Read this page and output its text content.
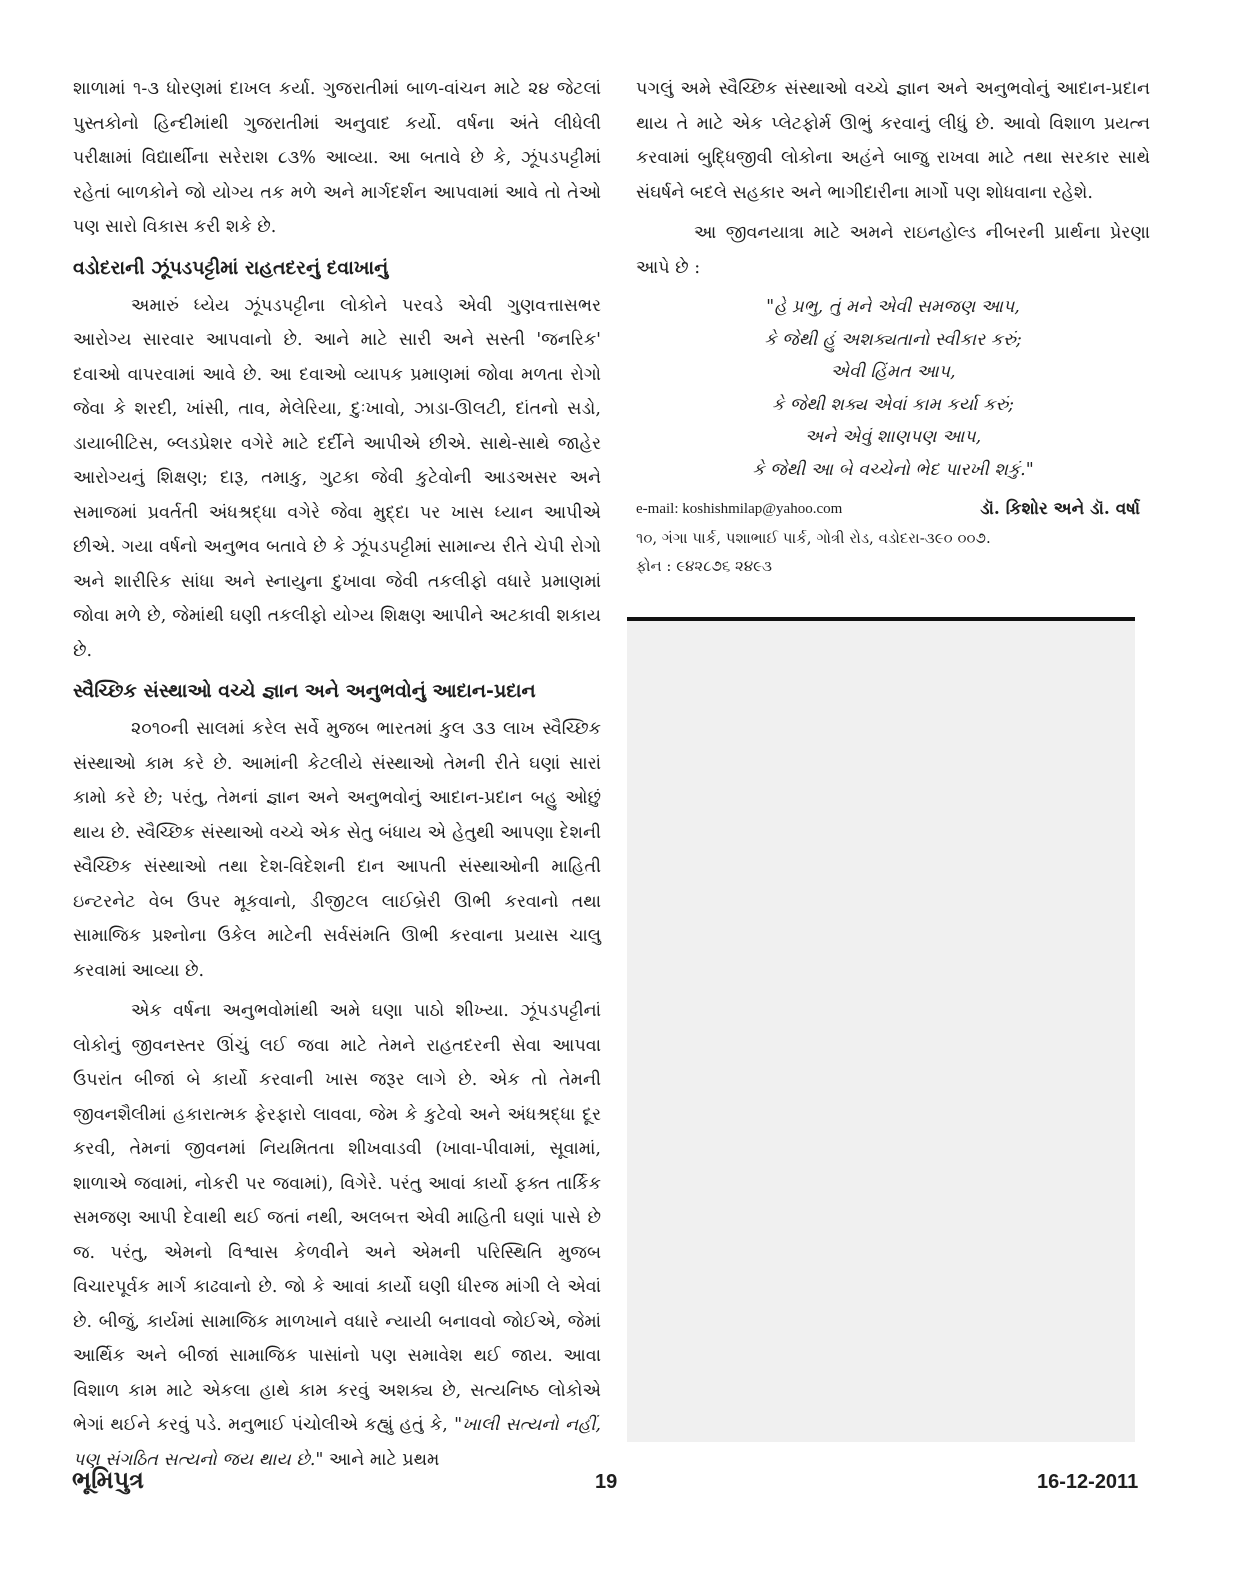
શાળામાં ૧-૩ ધોરણમાં દાખલ કર્યા. ગુજરાતીમાં બાળ-વાંચન માટે ૨૪ જેટલાં પુસ્તકોનો હિન્દીમાંથી ગુજરાતીમાં અનુવાદ કર્યો. વર્ષના અંતે લીધેલી પરીક્ષામાં વિદ્યાર્થીના સરેરાશ ૮૩% આવ્યા. આ બતાવે છે કે, ઝૂંપડપટ્ટીમાં રહેતાં બાળકોને જો યોગ્ય તક મળે અને માર્ગદર્શન આપવામાં આવે તો તેઓ પણ સારો વિકાસ કરી શકે છે.

વડોદરાની ઝૂંપડપટ્ટીમાં રાહતદરનું દવાખાનું

અમારું ધ્યેય ઝૂંપડપટ્ટીના લોકોને પરવડે એવી ગુણવત્તાસભર આરોગ્ય સારવાર આપવાનો છે. આને માટે સારી અને સસ્તી 'જનરિક' દવાઓ વાપરવામાં આવે છે. આ દવાઓ વ્યાપક પ્રમાણમાં જોવા મળતા રોગો જેવા કે શરદી, ખાંસી, તાવ, મેલેરિયા, દુઃખાવો, ઝાડા-ઊલટી, દાંતનો સડો, ડાયાબીટિસ, બ્લડપ્રેશર વગેરે માટે દર્દીને આપીએ છીએ. સાથે-સાથે જાહેર આરોગ્યનું શિક્ષણ; દારૂ, તમાકુ, ગુટકા જેવી કુટેવોની આડઅસર અને સમાજમાં પ્રવર્તતી અંધશ્રદ્ધા વગેરે જેવા મુદ્દા પર ખાસ ધ્યાન આપીએ છીએ. ગયા વર્ષનો અનુભવ બતાવે છે કે ઝૂંપડપટ્ટીમાં સામાન્ય રીતે ચેપી રોગો અને શારીરિક સાંધા અને સ્નાયુના દુખાવા જેવી તકલીફો વધારે પ્રમાણમાં જોવા મળે છે, જેમાંથી ઘણી તકલીફો યોગ્ય શિક્ષણ આપીને અટકાવી શકાય છે.

સ્વૈચ્છિક સંસ્થાઓ વચ્ચે જ્ઞાન અને અનુભવોનું આદાન-પ્રદાન

૨૦૧૦ની સાલમાં કરેલ સર્વે મુજબ ભારતમાં કુલ ૩૩ લાખ સ્વૈચ્છિક સંસ્થાઓ કામ કરે છે. આમાંની કેટલીયે સંસ્થાઓ તેમની રીતે ઘણાં સારાં કામો કરે છે; પરંતુ, તેમનાં જ્ઞાન અને અનુભવોનું આદાન-પ્રદાન બહુ ઓછું થાય છે. સ્વૈચ્છિક સંસ્થાઓ વચ્ચે એક સેતુ બંધાય એ હેતુથી આપણા દેશની સ્વૈચ્છિક સંસ્થાઓ તથા દેશ-વિદેશની દાન આપતી સંસ્થાઓની માહિતી ઇન્ટરનેટ વેબ ઉપર મૂકવાનો, ડીજીટલ લાઈબ્રેરી ઊભી કરવાનો તથા સામાજિક પ્રશ્નોના ઉકેલ માટેની સર્વસંમતિ ઊભી કરવાના પ્રયાસ ચાલુ કરવામાં આવ્યા છે.

એક વર્ષના અનુભવોમાંથી અમે ઘણા પાઠો શીખ્યા. ઝૂંપડપટ્ટીનાં લોકોનું જીવનસ્તર ઊંચું લઈ જવા માટે તેમને રાહતદરની સેવા આપવા ઉપરાંત બીજાં બે કાર્યો કરવાની ખાસ જરૂર લાગે છે. એક તો તેમની જીવનશૈલીમાં હકારાત્મક ફેરફારો લાવવા, જેમ કે કુટેવો અને અંધશ્રદ્ધા દૂર કરવી, તેમનાં જીવનમાં નિયમિતતા શીખવાડવી (ખાવા-પીવામાં, સૂવામાં, શાળાએ જવામાં, નોકરી પર જવામાં), વિગેરે. પરંતુ આવાં કાર્યો ફક્ત તાર્કિક સમજણ આપી દેવાથી થઈ જતાં નથી, અલબત્ત એવી માહિતી ઘણાં પાસે છે જ. પરંતુ, એમનો વિશ્વાસ કેળવીને અને એમની પરિસ્થિતિ મુજબ વિચારપૂર્વક માર્ગ કાઢવાનો છે. જો કે આવાં કાર્યો ઘણી ધીરજ માંગી લે એવાં છે. બીજું, કાર્યમાં સામાજિક માળખાને વધારે ન્યાયી બનાવવો જોઈએ, જેમાં આર્થિક અને બીજાં સામાજિક પાસાંનો પણ સમાવેશ થઈ જાય. આવા વિશાળ કામ માટે એકલા હાથે કામ કરવું અશક્ય છે, સત્યનિષ્ઠ લોકોએ ભેગાં થઈને કરવું પડે. મનુભાઈ પંચોલીએ કહ્યું હતું કે, "ખાલી સત્યનો નહીં, પણ સંગઠિત સત્યનો જય થાય છે." આને માટે પ્રથમ

પગલું અમે સ્વૈચ્છિક સંસ્થાઓ વચ્ચે જ્ઞાન અને અનુભવોનું આદાન-પ્રદાન થાય તે માટે એક પ્લેટફોર્મ ઊભું કરવાનું લીધું છે. આવો વિશાળ પ્રયત્ન કરવામાં બુદ્ધિજીવી લોકોના અહંને બાજુ રાખવા માટે તથા સરકાર સાથે સંઘર્ષને બદલે સહકાર અને ભાગીદારીના માર્ગો પણ શોધવાના રહેશે.

આ જીવનયાત્રા માટે અમને રાઇનહોલ્ડ નીબરની પ્રાર્થના પ્રેરણા આપે છે :

"હે પ્રભુ, તું મને એવી સમજણ આપ,
કે જેથી હું અશક્યતાનો સ્વીકાર કરું;
એવી હિંમત આપ,
કે જેથી શક્ય એવાં કામ કર્યા કરું;
અને એવું શાણપણ આપ,
કે જેથી આ બે વચ્ચેનો ભેદ પારખી શકું."
e-mail: koshishmilap@yahoo.com	ડૉ. કિશોર અને ડૉ. વર્ષા

૧૦, ગંગા પાર્ક, પશાભાઈ પાર્ક, ગોત્રી રોડ, વડોદરા-૩૯૦ ૦૦૭.

ફોન : ૯૪૨૮૭૬ ૨૪૯૩

ભૂમિપુત્ર	19	16-12-2011
